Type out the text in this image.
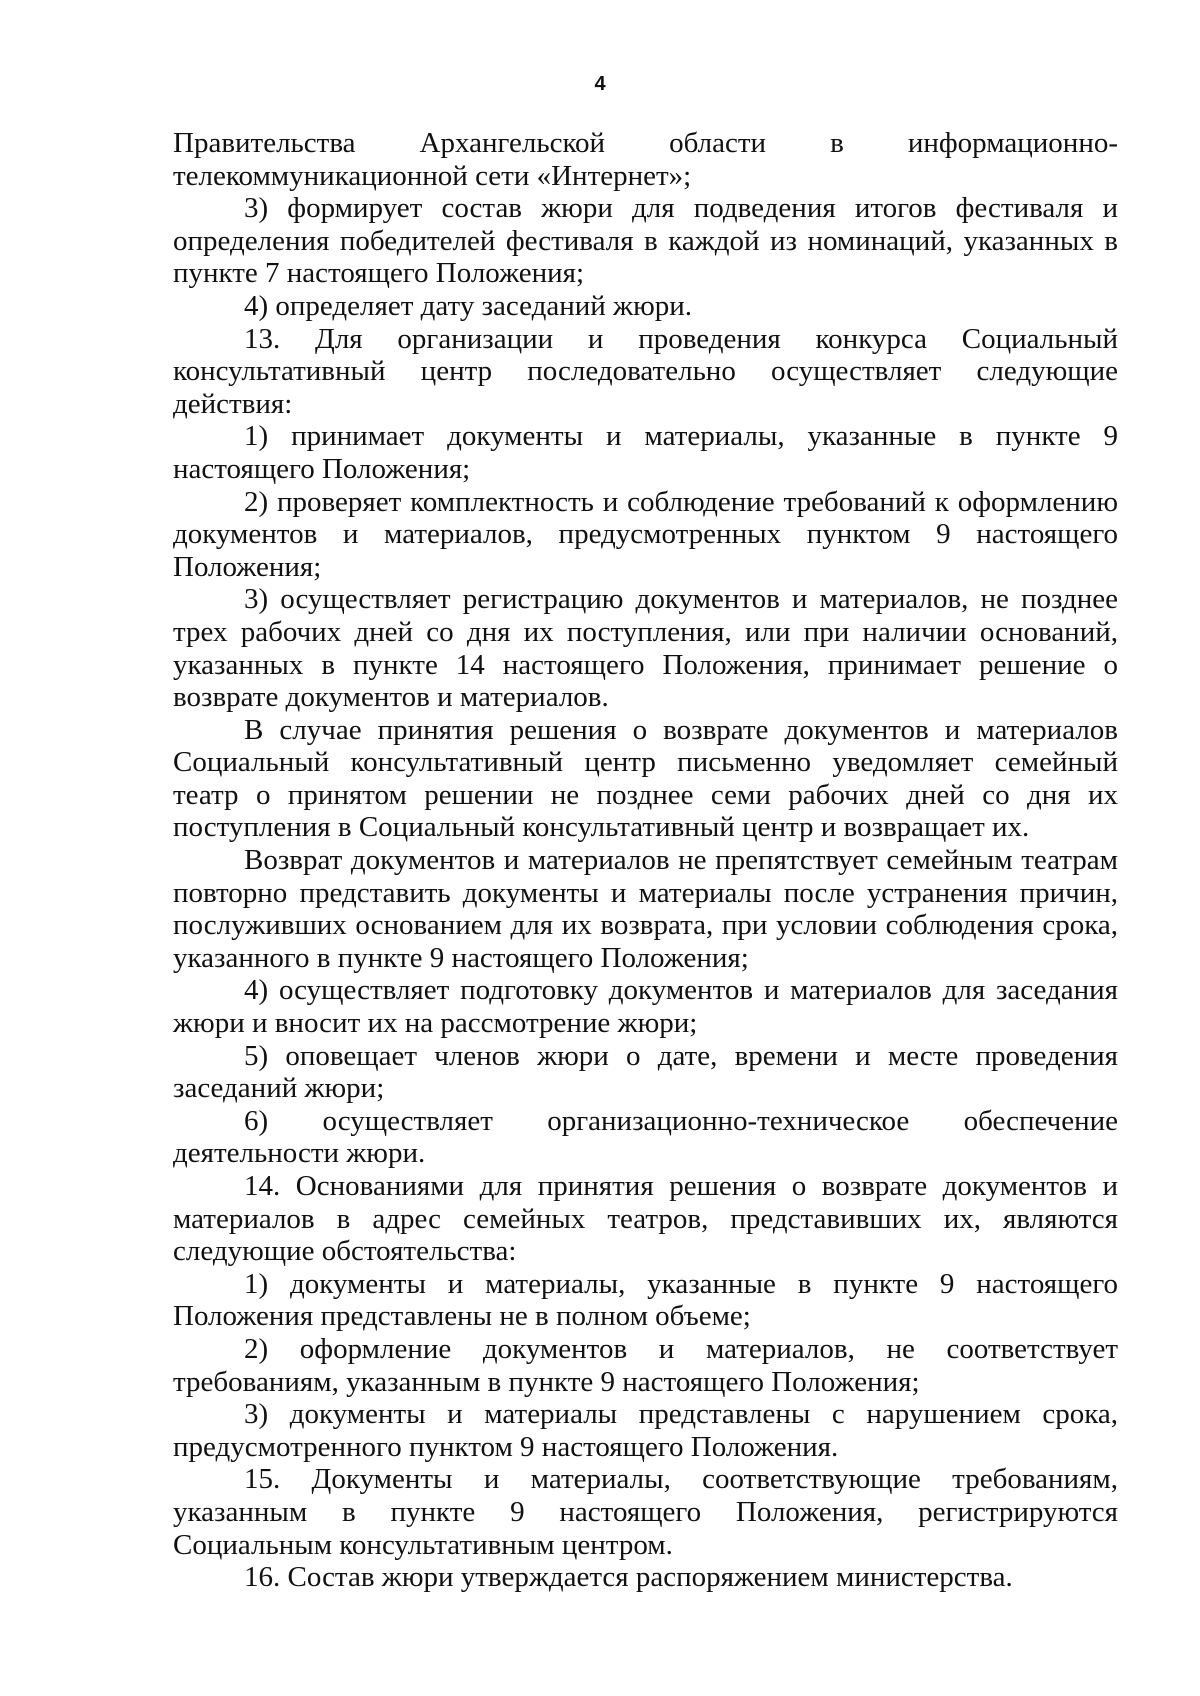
4

Правительства Архангельской области в информационно-телекоммуникационной сети «Интернет»;

3) формирует состав жюри для подведения итогов фестиваля и определения победителей фестиваля в каждой из номинаций, указанных в пункте 7 настоящего Положения;

4) определяет дату заседаний жюри.

13. Для организации и проведения конкурса Социальный консультативный центр последовательно осуществляет следующие действия:

1) принимает документы и материалы, указанные в пункте 9 настоящего Положения;

2) проверяет комплектность и соблюдение требований к оформлению документов и материалов, предусмотренных пунктом 9 настоящего Положения;

3) осуществляет регистрацию документов и материалов, не позднее трех рабочих дней со дня их поступления, или при наличии оснований, указанных в пункте 14 настоящего Положения, принимает решение о возврате документов и материалов.

В случае принятия решения о возврате документов и материалов Социальный консультативный центр письменно уведомляет семейный театр о принятом решении не позднее семи рабочих дней со дня их поступления в Социальный консультативный центр и возвращает их.

Возврат документов и материалов не препятствует семейным театрам повторно представить документы и материалы после устранения причин, послуживших основанием для их возврата, при условии соблюдения срока, указанного в пункте 9 настоящего Положения;

4) осуществляет подготовку документов и материалов для заседания жюри и вносит их на рассмотрение жюри;

5) оповещает членов жюри о дате, времени и месте проведения заседаний жюри;

6) осуществляет организационно-техническое обеспечение деятельности жюри.

14. Основаниями для принятия решения о возврате документов и материалов в адрес семейных театров, представивших их, являются следующие обстоятельства:

1) документы и материалы, указанные в пункте 9 настоящего Положения представлены не в полном объеме;

2) оформление документов и материалов, не соответствует требованиям, указанным в пункте 9 настоящего Положения;

3) документы и материалы представлены с нарушением срока, предусмотренного пунктом 9 настоящего Положения.

15. Документы и материалы, соответствующие требованиям, указанным в пункте 9 настоящего Положения, регистрируются Социальным консультативным центром.

16. Состав жюри утверждается распоряжением министерства.
